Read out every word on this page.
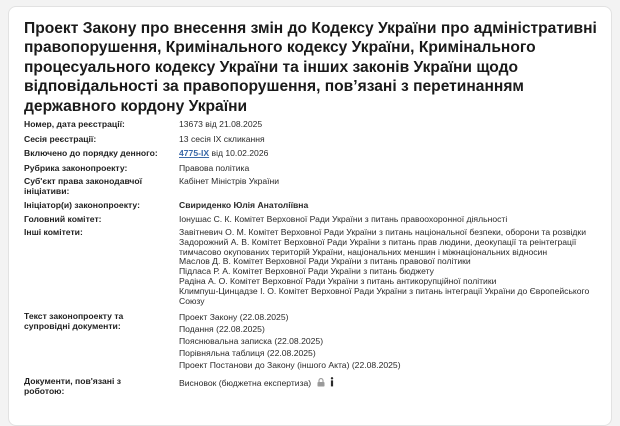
Проект Закону про внесення змін до Кодексу України про адміністративні правопорушення, Кримінального кодексу України, Кримінального процесуального кодексу України та інших законів України щодо відповідальності за правопорушення, пов’язані з перетинанням державного кордону України
Номер, дата реєстрації:	13673 від 21.08.2025
Сесія реєстрації:	13 сесія IX скликання
Включено до порядку денного:	4775-IX від 10.02.2026
Рубрика законопроекту:	Правова політика
Суб'єкт права законодавчої ініціативи:
Кабінет Міністрів України
Ініціатор(и) законопроекту:	Свириденко Юлія Анатоліївна
Головний комітет:	Іонушас С. К. Комітет Верховної Ради України з питань правоохоронної діяльності
Інші комітети:	Завітневич О. М. Комітет Верховної Ради України з питань національної безпеки, оборони та розвідки
Задорожний А. В. Комітет Верховної Ради України з питань прав людини, деокупації та реінтеграції
тимчасово окупованих територій України, національних меншин і міжнаціональних відносин
Маслов Д. В. Комітет Верховної Ради України з питань правової політики
Підласа Р. А. Комітет Верховної Ради України з питань бюджету
Радіна А. О. Комітет Верховної Ради України з питань антикорупційної політики
Климпуш-Цинцадзе І. О. Комітет Верховної Ради України з питань інтеграції України до Європейського
Союзу
Текст законопроекту та супровідні документи:
Проект Закону (22.08.2025)
Подання (22.08.2025)
Пояснювальна записка (22.08.2025)
Порівняльна таблиця (22.08.2025)
Проект Постанови до Закону (іншого Акта) (22.08.2025)
Документи, пов'язані з роботою:
Висновок (бюджетна експертиза)
